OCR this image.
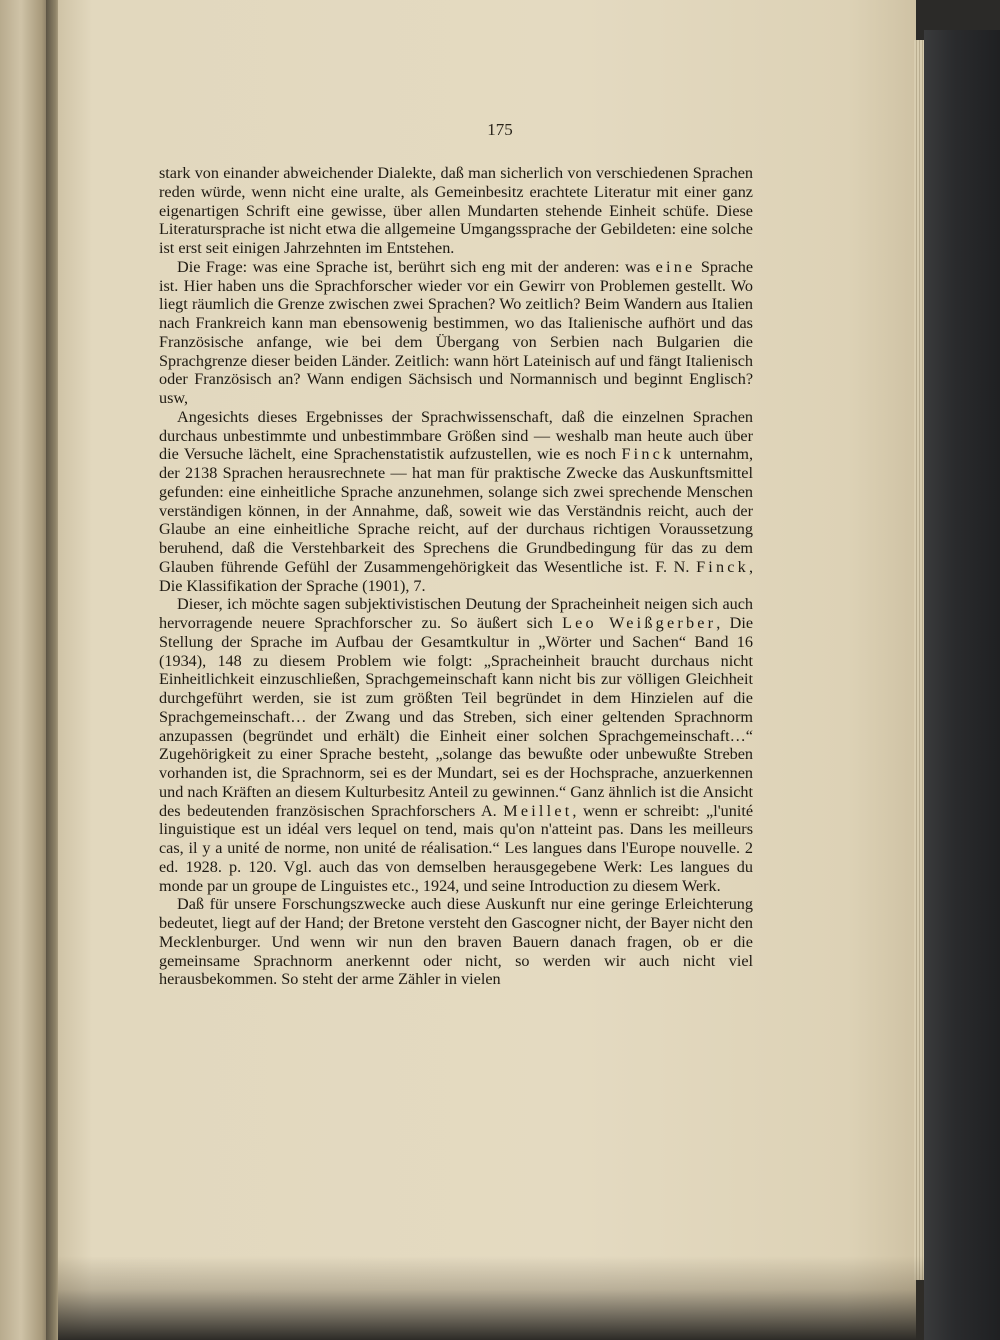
175

stark von einander abweichender Dialekte, daß man sicherlich von verschiedenen Sprachen reden würde, wenn nicht eine uralte, als Gemeinbesitz erachtete Literatur mit einer ganz eigenartigen Schrift eine gewisse, über allen Mundarten stehende Einheit schüfe. Diese Literatursprache ist nicht etwa die allgemeine Umgangssprache der Gebildeten: eine solche ist erst seit einigen Jahrzehnten im Entstehen.

Die Frage: was eine Sprache ist, berührt sich eng mit der anderen: was eine Sprache ist. Hier haben uns die Sprachforscher wieder vor ein Gewirr von Problemen gestellt. Wo liegt räumlich die Grenze zwischen zwei Sprachen? Wo zeitlich? Beim Wandern aus Italien nach Frankreich kann man ebensowenig bestimmen, wo das Italienische aufhört und das Französische anfange, wie bei dem Übergang von Serbien nach Bulgarien die Sprachgrenze dieser beiden Länder. Zeitlich: wann hört Lateinisch auf und fängt Italienisch oder Französisch an? Wann endigen Sächsisch und Normannisch und beginnt Englisch? usw,

Angesichts dieses Ergebnisses der Sprachwissenschaft, daß die einzelnen Sprachen durchaus unbestimmte und unbestimmbare Größen sind — weshalb man heute auch über die Versuche lächelt, eine Sprachenstatistik aufzustellen, wie es noch Finck unternahm, der 2138 Sprachen herausrechnete — hat man für praktische Zwecke das Auskunftsmittel gefunden: eine einheitliche Sprache anzunehmen, solange sich zwei sprechende Menschen verständigen können, in der Annahme, daß, soweit wie das Verständnis reicht, auch der Glaube an eine einheitliche Sprache reicht, auf der durchaus richtigen Voraussetzung beruhend, daß die Verstehbarkeit des Sprechens die Grundbedingung für das zu dem Glauben führende Gefühl der Zusammengehörigkeit das Wesentliche ist. F. N. Finck, Die Klassifikation der Sprache (1901), 7.

Dieser, ich möchte sagen subjektivistischen Deutung der Spracheinheit neigen sich auch hervorragende neuere Sprachforscher zu. So äußert sich Leo Weißgerber, Die Stellung der Sprache im Aufbau der Gesamtkultur in „Wörter und Sachen“ Band 16 (1934), 148 zu diesem Problem wie folgt: „Spracheinheit braucht durchaus nicht Einheitlichkeit einzuschließen, Sprachgemeinschaft kann nicht bis zur völligen Gleichheit durchgeführt werden, sie ist zum größten Teil begründet in dem Hinzielen auf die Sprachgemeinschaft… der Zwang und das Streben, sich einer geltenden Sprachnorm anzupassen (begründet und erhält) die Einheit einer solchen Sprachgemeinschaft…“ Zugehörigkeit zu einer Sprache besteht, „solange das bewußte oder unbewußte Streben vorhanden ist, die Sprachnorm, sei es der Mundart, sei es der Hochsprache, anzuerkennen und nach Kräften an diesem Kulturbesitz Anteil zu gewinnen.“ Ganz ähnlich ist die Ansicht des bedeutenden französischen Sprachforschers A. Meillet, wenn er schreibt: „l'unité linguistique est un idéal vers lequel on tend, mais qu'on n'atteint pas. Dans les meilleurs cas, il y a unité de norme, non unité de réalisation.“ Les langues dans l'Europe nouvelle. 2 ed. 1928. p. 120. Vgl. auch das von demselben herausgegebene Werk: Les langues du monde par un groupe de Linguistes etc., 1924, und seine Introduction zu diesem Werk.

Daß für unsere Forschungszwecke auch diese Auskunft nur eine geringe Erleichterung bedeutet, liegt auf der Hand; der Bretone versteht den Gascogner nicht, der Bayer nicht den Mecklenburger. Und wenn wir nun den braven Bauern danach fragen, ob er die gemeinsame Sprachnorm anerkennt oder nicht, so werden wir auch nicht viel herausbekommen. So steht der arme Zähler in vielen
